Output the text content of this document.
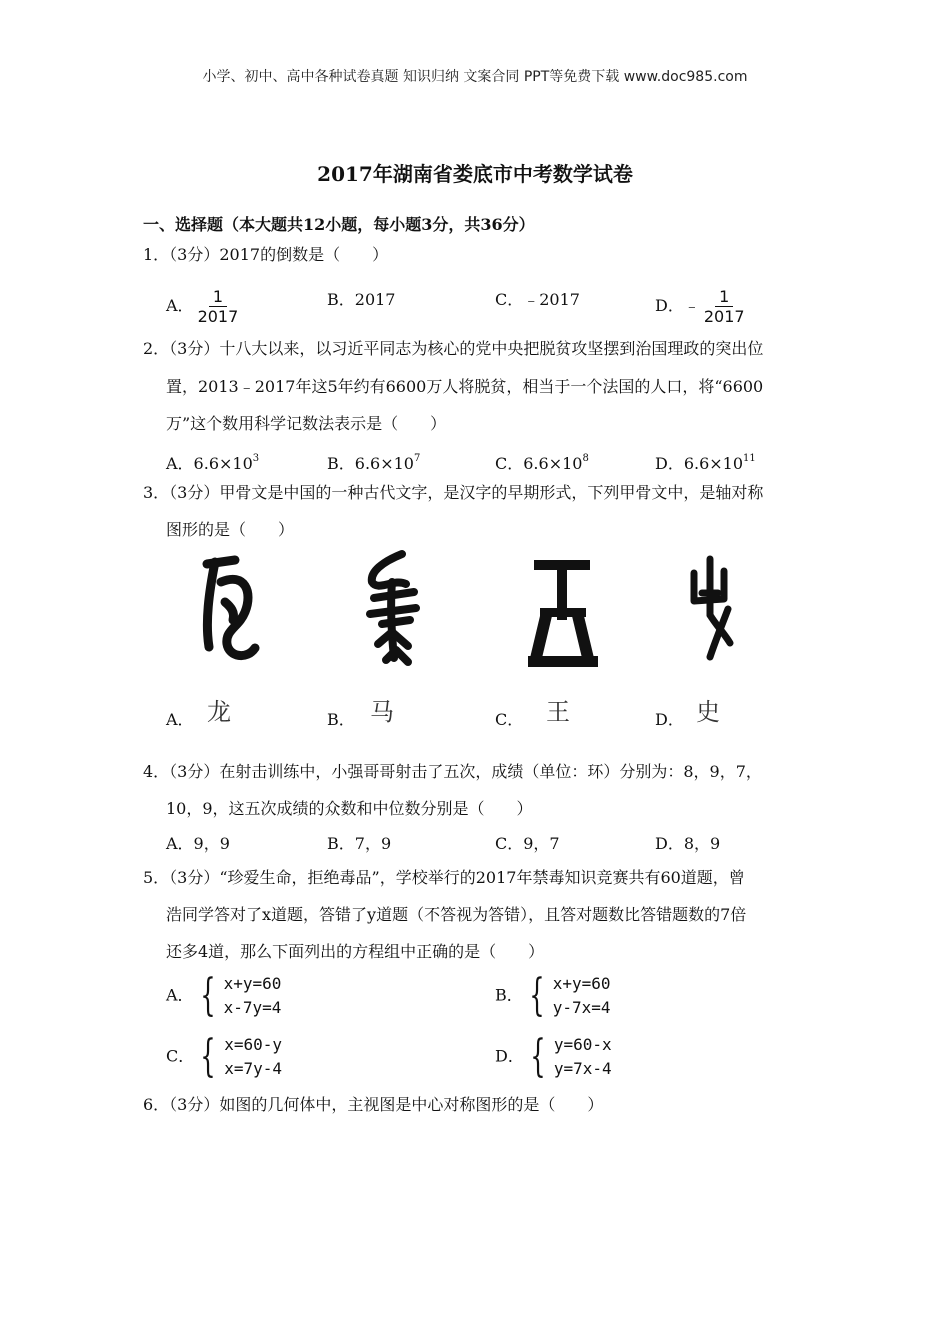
小学、初中、高中各种试卷真题 知识归纳 文案合同 PPT等免费下载 www.doc985.com
2017年湖南省娄底市中考数学试卷
一、选择题（本大题共12小题，每小题3分，共36分）
1．（3分）2017的倒数是（　　）
A． $\frac{1}{2017}$	B．2017	C．﹣2017	D．﹣ $\frac{1}{2017}$
2．（3分）十八大以来，以习近平同志为核心的党中央把脱贫攻坚摆到治国理政的突出位
置，2013﹣2017年这5年约有6600万人将脱贫，相当于一个法国的人口，将“6600
万”这个数用科学记数法表示是（　　）
A．$6.6\times 10^3$	B．$6.6\times 10^7$	C．$6.6\times 10^8$	D．$6.6\times 10^{11}$
3．（3分）甲骨文是中国的一种古代文字，是汉字的早期形式，下列甲骨文中，是轴对称
图形的是（　　）
A． 龙	B． 马	C． 王	D． 史
4．（3分）在射击训练中，小强哥哥射击了五次，成绩（单位：环）分别为：8，9，7，
10，9，这五次成绩的众数和中位数分别是（　　）
A．9，9	B．7，9	C．9，7	D．8，9
5．（3分）“珍爱生命，拒绝毒品”，学校举行的2017年禁毒知识竞赛共有60道题，曾
浩同学答对了x道题，答错了y道题（不答视为答错），且答对题数比答错题数的7倍
还多4道，那么下面列出的方程组中正确的是（　　）
A． { x+y=60
x-7y=4
B． { x+y=60
y-7x=4
C． { x=60-y
x=7y-4
D． { y=60-x
y=7x-4
6．（3分）如图的几何体中，主视图是中心对称图形的是（　　）
